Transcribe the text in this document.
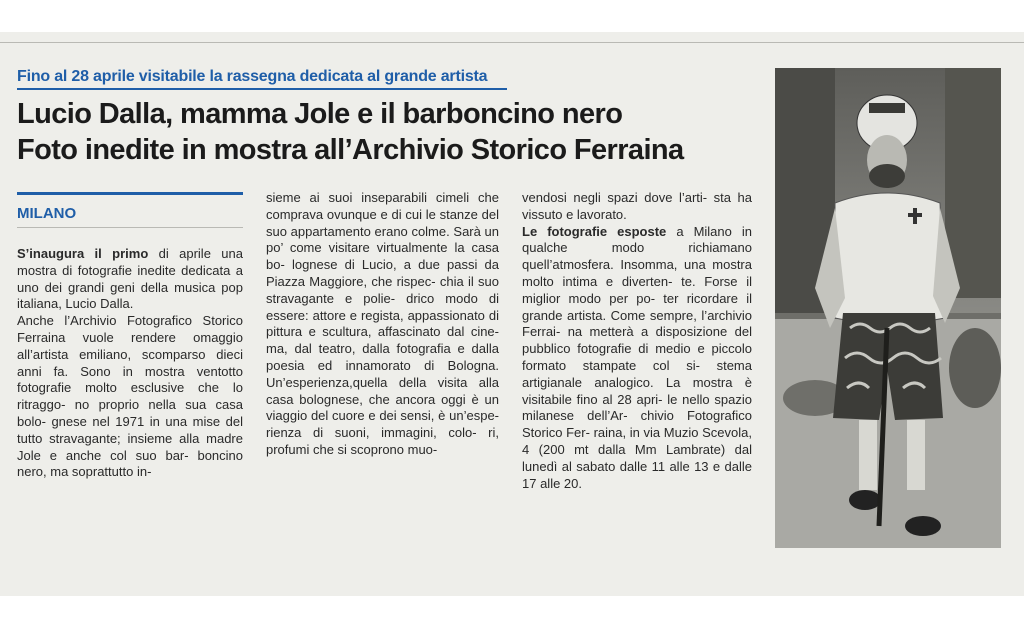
Fino al 28 aprile visitabile la rassegna dedicata al grande artista
Lucio Dalla, mamma Jole e il barboncino nero
Foto inedite in mostra all’Archivio Storico Ferraina
MILANO

S’inaugura il primo di aprile una mostra di fotografie inedite dedicata a uno dei grandi geni della musica pop italiana, Lucio Dalla.

Anche l’Archivio Fotografico Storico Ferraina vuole rendere omaggio all’artista emiliano, scomparso dieci anni fa. Sono in mostra ventotto fotografie molto esclusive che lo ritraggo- no proprio nella sua casa bolo- gnese nel 1971 in una mise del tutto stravagante; insieme alla madre Jole e anche col suo bar- boncino nero, ma soprattutto in-

sieme ai suoi inseparabili cimeli che comprava ovunque e di cui le stanze del suo appartamento erano colme. Sarà un po’ come visitare virtualmente la casa bo- lognese di Lucio, a due passi da Piazza Maggiore, che rispec- chia il suo stravagante e polie- drico modo di essere: attore e regista, appassionato di pittura e scultura, affascinato dal cine- ma, dal teatro, dalla fotografia e dalla poesia ed innamorato di Bologna. Un’esperienza,quella della visita alla casa bolognese, che ancora oggi è un viaggio del cuore e dei sensi, è un’espe- rienza di suoni, immagini, colo- ri, profumi che si scoprono muo-

vendosi negli spazi dove l’arti- sta ha vissuto e lavorato.

Le fotografie esposte a Milano in qualche modo richiamano quell’atmosfera. Insomma, una mostra molto intima e diverten- te. Forse il miglior modo per po- ter ricordare il grande artista. Come sempre, l’archivio Ferrai- na metterà a disposizione del pubblico fotografie di medio e piccolo formato stampate col si- stema artigianale analogico. La mostra è visitabile fino al 28 apri- le nello spazio milanese dell’Ar- chivio Fotografico Storico Fer- raina, in via Muzio Scevola, 4 (200 mt dalla Mm Lambrate) dal lunedì al sabato dalle 11 alle 13 e dalle 17 alle 20.
